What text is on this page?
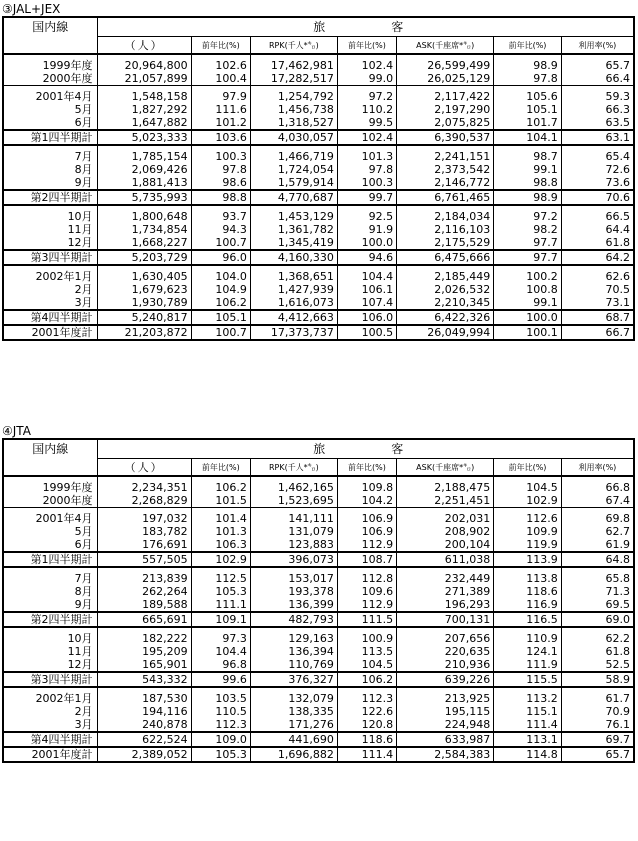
③JAL+JEX
国内線	旅　　客						
	（人）	前年比(%)	RPK(千人*㌔)	前年比(%)	ASK(千座席*㌔)	前年比(%)	利用率(%)
1999年度	20,964,800	102.6	17,462,981	102.4	26,599,499	98.9	65.7
2000年度	21,057,899	100.4	17,282,517	99.0	26,025,129	97.8	66.4
2001年4月	1,548,158	97.9	1,254,792	97.2	2,117,422	105.6	59.3
5月	1,827,292	111.6	1,456,738	110.2	2,197,290	105.1	66.3
6月	1,647,882	101.2	1,318,527	99.5	2,075,825	101.7	63.5
第1四半期計	5,023,333	103.6	4,030,057	102.4	6,390,537	104.1	63.1
7月	1,785,154	100.3	1,466,719	101.3	2,241,151	98.7	65.4
8月	2,069,426	97.8	1,724,054	97.8	2,373,542	99.1	72.6
9月	1,881,413	98.6	1,579,914	100.3	2,146,772	98.8	73.6
第2四半期計	5,735,993	98.8	4,770,687	99.7	6,761,465	98.9	70.6
10月	1,800,648	93.7	1,453,129	92.5	2,184,034	97.2	66.5
11月	1,734,854	94.3	1,361,782	91.9	2,116,103	98.2	64.4
12月	1,668,227	100.7	1,345,419	100.0	2,175,529	97.7	61.8
第3四半期計	5,203,729	96.0	4,160,330	94.6	6,475,666	97.7	64.2
2002年1月	1,630,405	104.0	1,368,651	104.4	2,185,449	100.2	62.6
2月	1,679,623	104.9	1,427,939	106.1	2,026,532	100.8	70.5
3月	1,930,789	106.2	1,616,073	107.4	2,210,345	99.1	73.1
第4四半期計	5,240,817	105.1	4,412,663	106.0	6,422,326	100.0	68.7
2001年度計	21,203,872	100.7	17,373,737	100.5	26,049,994	100.1	66.7
④JTA
国内線	旅　　客						
	（人）	前年比(%)	RPK(千人*㌔)	前年比(%)	ASK(千座席*㌔)	前年比(%)	利用率(%)
1999年度	2,234,351	106.2	1,462,165	109.8	2,188,475	104.5	66.8
2000年度	2,268,829	101.5	1,523,695	104.2	2,251,451	102.9	67.4
2001年4月	197,032	101.4	141,111	106.9	202,031	112.6	69.8
5月	183,782	101.3	131,079	106.9	208,902	109.9	62.7
6月	176,691	106.3	123,883	112.9	200,104	119.9	61.9
第1四半期計	557,505	102.9	396,073	108.7	611,038	113.9	64.8
7月	213,839	112.5	153,017	112.8	232,449	113.8	65.8
8月	262,264	105.3	193,378	109.6	271,389	118.6	71.3
9月	189,588	111.1	136,399	112.9	196,293	116.9	69.5
第2四半期計	665,691	109.1	482,793	111.5	700,131	116.5	69.0
10月	182,222	97.3	129,163	100.9	207,656	110.9	62.2
11月	195,209	104.4	136,394	113.5	220,635	124.1	61.8
12月	165,901	96.8	110,769	104.5	210,936	111.9	52.5
第3四半期計	543,332	99.6	376,327	106.2	639,226	115.5	58.9
2002年1月	187,530	103.5	132,079	112.3	213,925	113.2	61.7
2月	194,116	110.5	138,335	122.6	195,115	115.1	70.9
3月	240,878	112.3	171,276	120.8	224,948	111.4	76.1
第4四半期計	622,524	109.0	441,690	118.6	633,987	113.1	69.7
2001年度計	2,389,052	105.3	1,696,882	111.4	2,584,383	114.8	65.7
